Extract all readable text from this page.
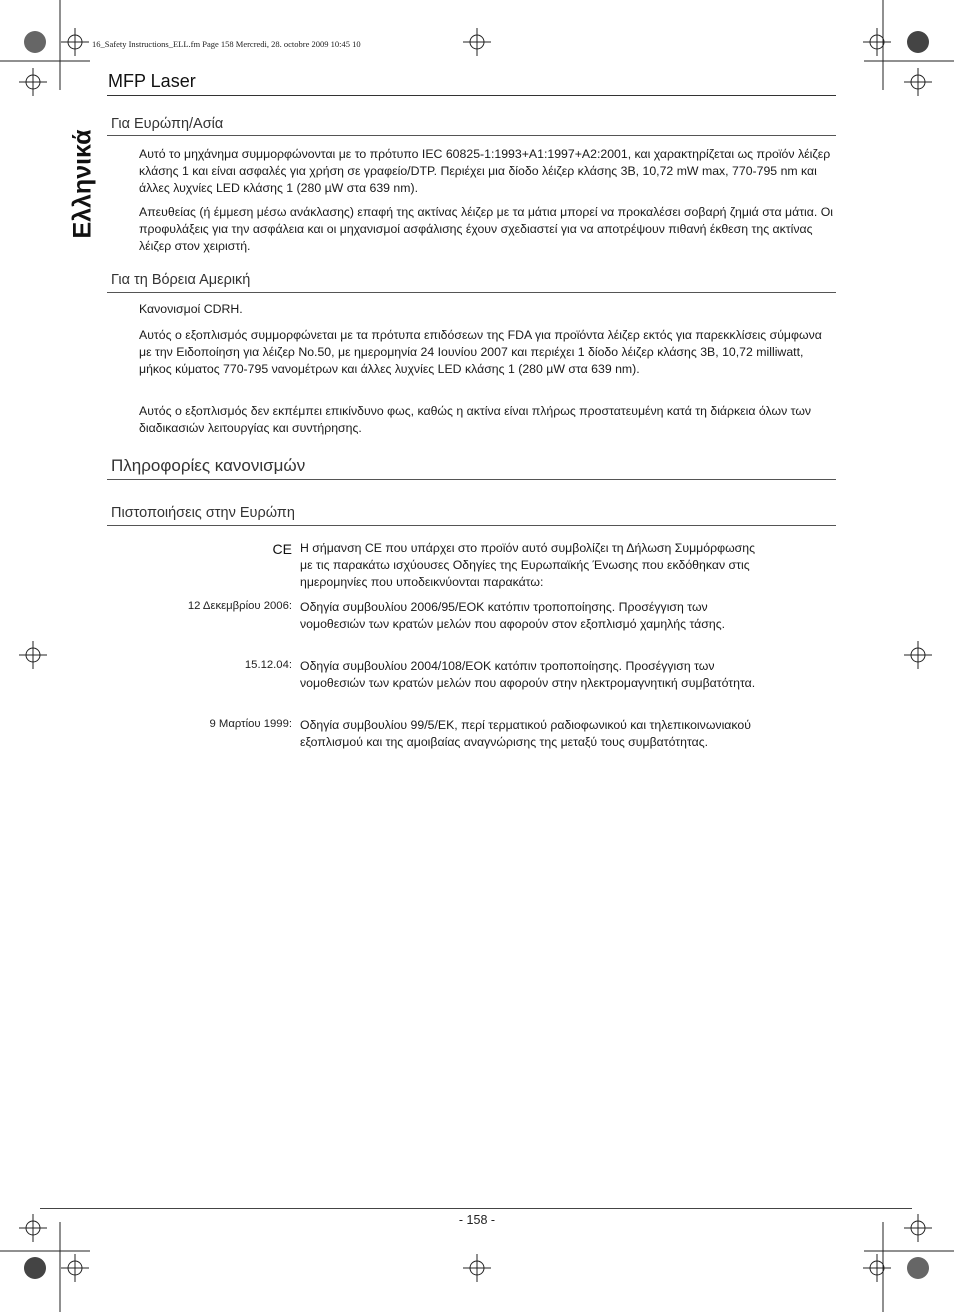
16_Safety Instructions_ELL.fm Page 158 Mercredi, 28. octobre 2009 10:45 10
MFP Laser
Ελληνικά
Για Ευρώπη/Ασία

Αυτό το μηχάνημα συμμορφώνονται με το πρότυπο IEC 60825-1:1993+A1:1997+A2:2001, και χαρακτηρίζεται ως προϊόν λέιζερ κλάσης 1 και είναι ασφαλές για χρήση σε γραφείο/DTP. Περιέχει μια δίοδο λέιζερ κλάσης 3B, 10,72 mW max, 770-795 nm και άλλες λυχνίες LED κλάσης 1 (280 µW στα 639 nm).

Απευθείας (ή έμμεση μέσω ανάκλασης) επαφή της ακτίνας λέιζερ με τα μάτια μπορεί να προκαλέσει σοβαρή ζημιά στα μάτια. Οι προφυλάξεις για την ασφάλεια και οι μηχανισμοί ασφάλισης έχουν σχεδιαστεί για να αποτρέψουν πιθανή έκθεση της ακτίνας λέιζερ στον χειριστή.

Για τη Βόρεια Αμερική

Κανονισμοί CDRH.

Αυτός ο εξοπλισμός συμμορφώνεται με τα πρότυπα επιδόσεων της FDA για προϊόντα λέιζερ εκτός για παρεκκλίσεις σύμφωνα με την Ειδοποίηση για λέιζερ No.50, με ημερομηνία 24 Ιουνίου 2007 και περιέχει 1 δίοδο λέιζερ κλάσης 3B, 10,72 milliwatt, μήκος κύματος 770-795 νανομέτρων και άλλες λυχνίες LED κλάσης 1 (280 µW στα 639 nm).

Αυτός ο εξοπλισμός δεν εκπέμπει επικίνδυνο φως, καθώς η ακτίνα είναι πλήρως προστατευμένη κατά τη διάρκεια όλων των διαδικασιών λειτουργίας και συντήρησης.

Πληροφορίες κανονισμών
Πιστοποιήσεις στην Ευρώπη
CE Η σήμανση CE που υπάρχει στο προϊόν αυτό συμβολίζει τη Δήλωση Συμμόρφωσης με τις παρακάτω ισχύουσες Οδηγίες της Ευρωπαϊκής Ένωσης που εκδόθηκαν στις ημερομηνίες που υποδεικνύονται παρακάτω:
12 Δεκεμβρίου 2006: Οδηγία συμβουλίου 2006/95/ΕΟΚ κατόπιν τροποποίησης. Προσέγγιση των νομοθεσιών των κρατών μελών που αφορούν στον εξοπλισμό χαμηλής τάσης.
15.12.04: Οδηγία συμβουλίου 2004/108/ΕΟΚ κατόπιν τροποποίησης. Προσέγγιση των νομοθεσιών των κρατών μελών που αφορούν στην ηλεκτρομαγνητική συμβατότητα.
9 Μαρτίου 1999: Οδηγία συμβουλίου 99/5/ΕΚ, περί τερματικού ραδιοφωνικού και τηλεπικοινωνιακού εξοπλισμού και της αμοιβαίας αναγνώρισης της μεταξύ τους συμβατότητας.
- 158 -
